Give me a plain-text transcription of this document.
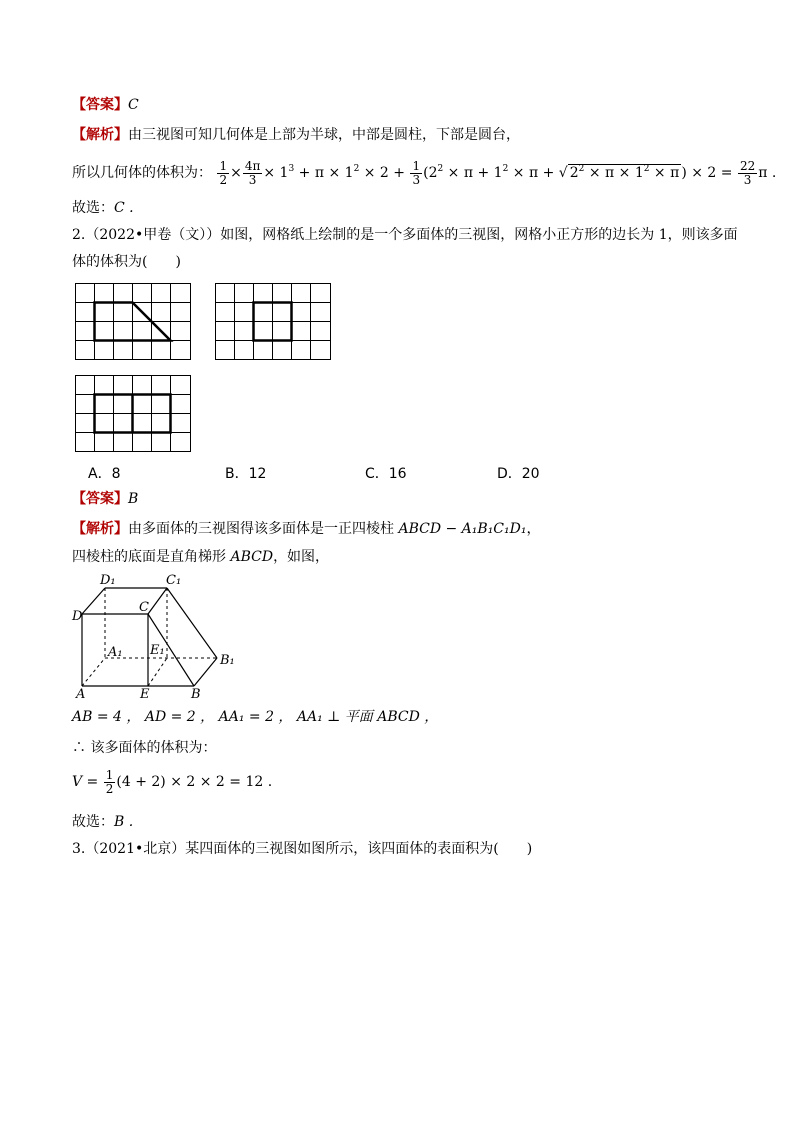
【答案】C
【解析】由三视图可知几何体是上部为半球，中部是圆柱，下部是圆台，
所以几何体的体积为： $\frac{1}{2} \times \frac{4\pi}{3} \times 1^3 + \pi \times 1^2 \times 2 + \frac{1}{3} (2^2 \times \pi + 1^2 \times \pi$ + √ $2^2 \times \pi \times 1^2 \times \pi$ ) × $2 = \frac{22}{3}$ π .
故选：C .
2.（2022•甲卷（文））如图，网格纸上绘制的是一个多面体的三视图，网格小正方形的边长为 1，则该多面
体的体积为(　　)
A．8	B．12	C．16	D．20
【答案】B
【解析】由多面体的三视图得该多面体是一正四棱柱 ABCD − A₁B₁C₁D₁，
四棱柱的底面是直角梯形 ABCD，如图，
D₁	C₁
D
C
A₁ E₁
B₁
A	E	B
AB = 4 ， AD = 2 ， AA₁ = 2 ， AA₁ ⊥ 平面 ABCD ，
∴ 该多面体的体积为：
$V = \frac{1}{2} (4 + 2) \times 2 \times 2 = 12$ .
故选：B .
3.（2021•北京）某四面体的三视图如图所示，该四面体的表面积为(　　)
